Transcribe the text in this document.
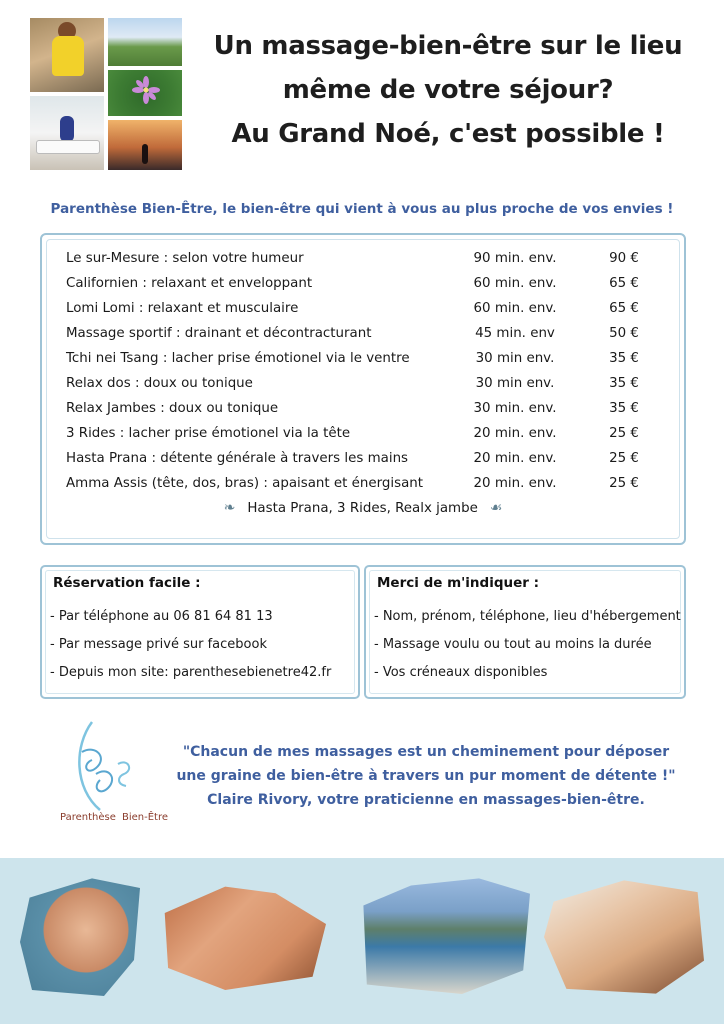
Un massage-bien-être sur le lieu
même de votre séjour?
Au Grand Noé, c'est possible !

Parenthèse Bien-Être, le bien-être qui vient à vous au plus proche de vos envies !

Le sur-Mesure : selon votre humeur	90 min. env.	90 €
Californien : relaxant et enveloppant	60 min. env.	65 €
Lomi Lomi : relaxant et musculaire	60 min. env.	65 €
Massage sportif : drainant et décontracturant	45 min. env	50 €
Tchi nei Tsang : lacher prise émotionel via le ventre	30 min env.	35 €
Relax dos : doux ou tonique	30 min env.	35 €
Relax Jambes : doux ou tonique	30 min. env.	35 €
3 Rides : lacher prise émotionel via la tête	20 min. env.	25 €
Hasta Prana : détente générale à travers les mains	20 min. env.	25 €
Amma Assis (tête, dos, bras) : apaisant et énergisant	20 min. env.	25 €
❧ Hasta Prana, 3 Rides, Realx jambe ☙
Réservation facile :
- Par téléphone au 06 81 64 81 13
- Par message privé sur facebook
- Depuis mon site: parenthesebienetre42.fr
Merci de m'indiquer :
- Nom, prénom, téléphone, lieu d'hébergement
- Massage voulu ou tout au moins la durée
- Vos créneaux disponibles
Parenthèse Bien-Être

"Chacun de mes massages est un cheminement pour déposer
une graine de bien-être à travers un pur moment de détente !"
Claire Rivory, votre praticienne en massages-bien-être.
